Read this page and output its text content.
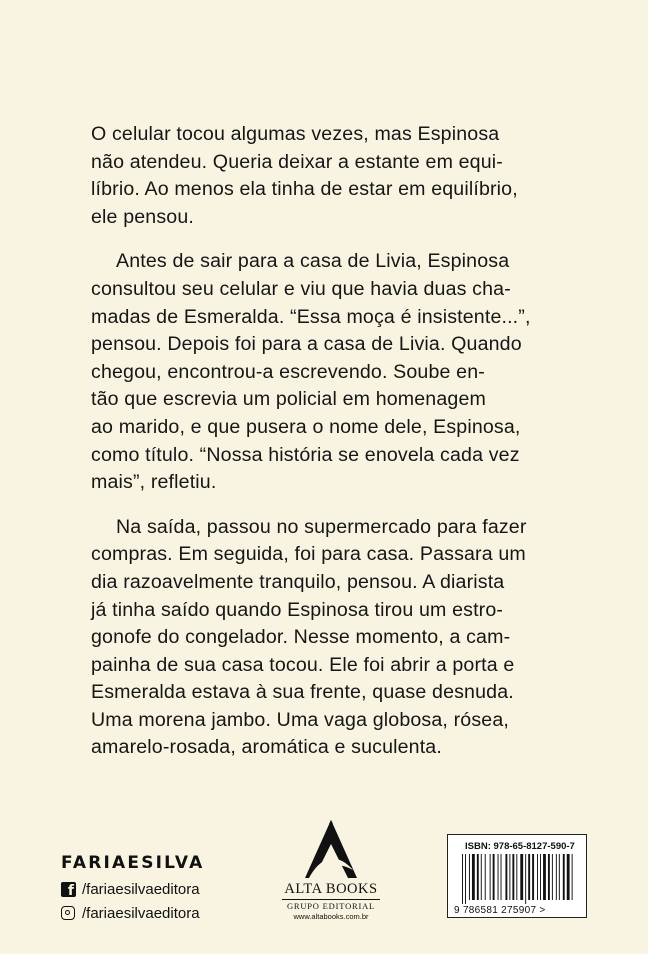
O celular tocou algumas vezes, mas Espinosa
não atendeu. Queria deixar a estante em equi-
líbrio. Ao menos ela tinha de estar em equilíbrio,
ele pensou.

Antes de sair para a casa de Livia, Espinosa
consultou seu celular e viu que havia duas cha-
madas de Esmeralda. “Essa moça é insistente...”,
pensou. Depois foi para a casa de Livia. Quando
chegou, encontrou-a escrevendo. Soube en-
tão que escrevia um policial em homenagem
ao marido, e que pusera o nome dele, Espinosa,
como título. “Nossa história se enovela cada vez
mais”, refletiu.

Na saída, passou no supermercado para fazer
compras. Em seguida, foi para casa. Passara um
dia razoavelmente tranquilo, pensou. A diarista
já tinha saído quando Espinosa tirou um estro-
gonofe do congelador. Nesse momento, a cam-
painha de sua casa tocou. Ele foi abrir a porta e
Esmeralda estava à sua frente, quase desnuda.
Uma morena jambo. Uma vaga globosa, rósea,
amarelo-rosada, aromática e suculenta.

FARIAESILVA
f /fariaesilvaeditora
/fariaesilvaeditora
ALTA BOOKS
GRUPO EDITORIAL
www.altabooks.com.br
ISBN: 978-65-8127-590-7
9 786581 275907 >
